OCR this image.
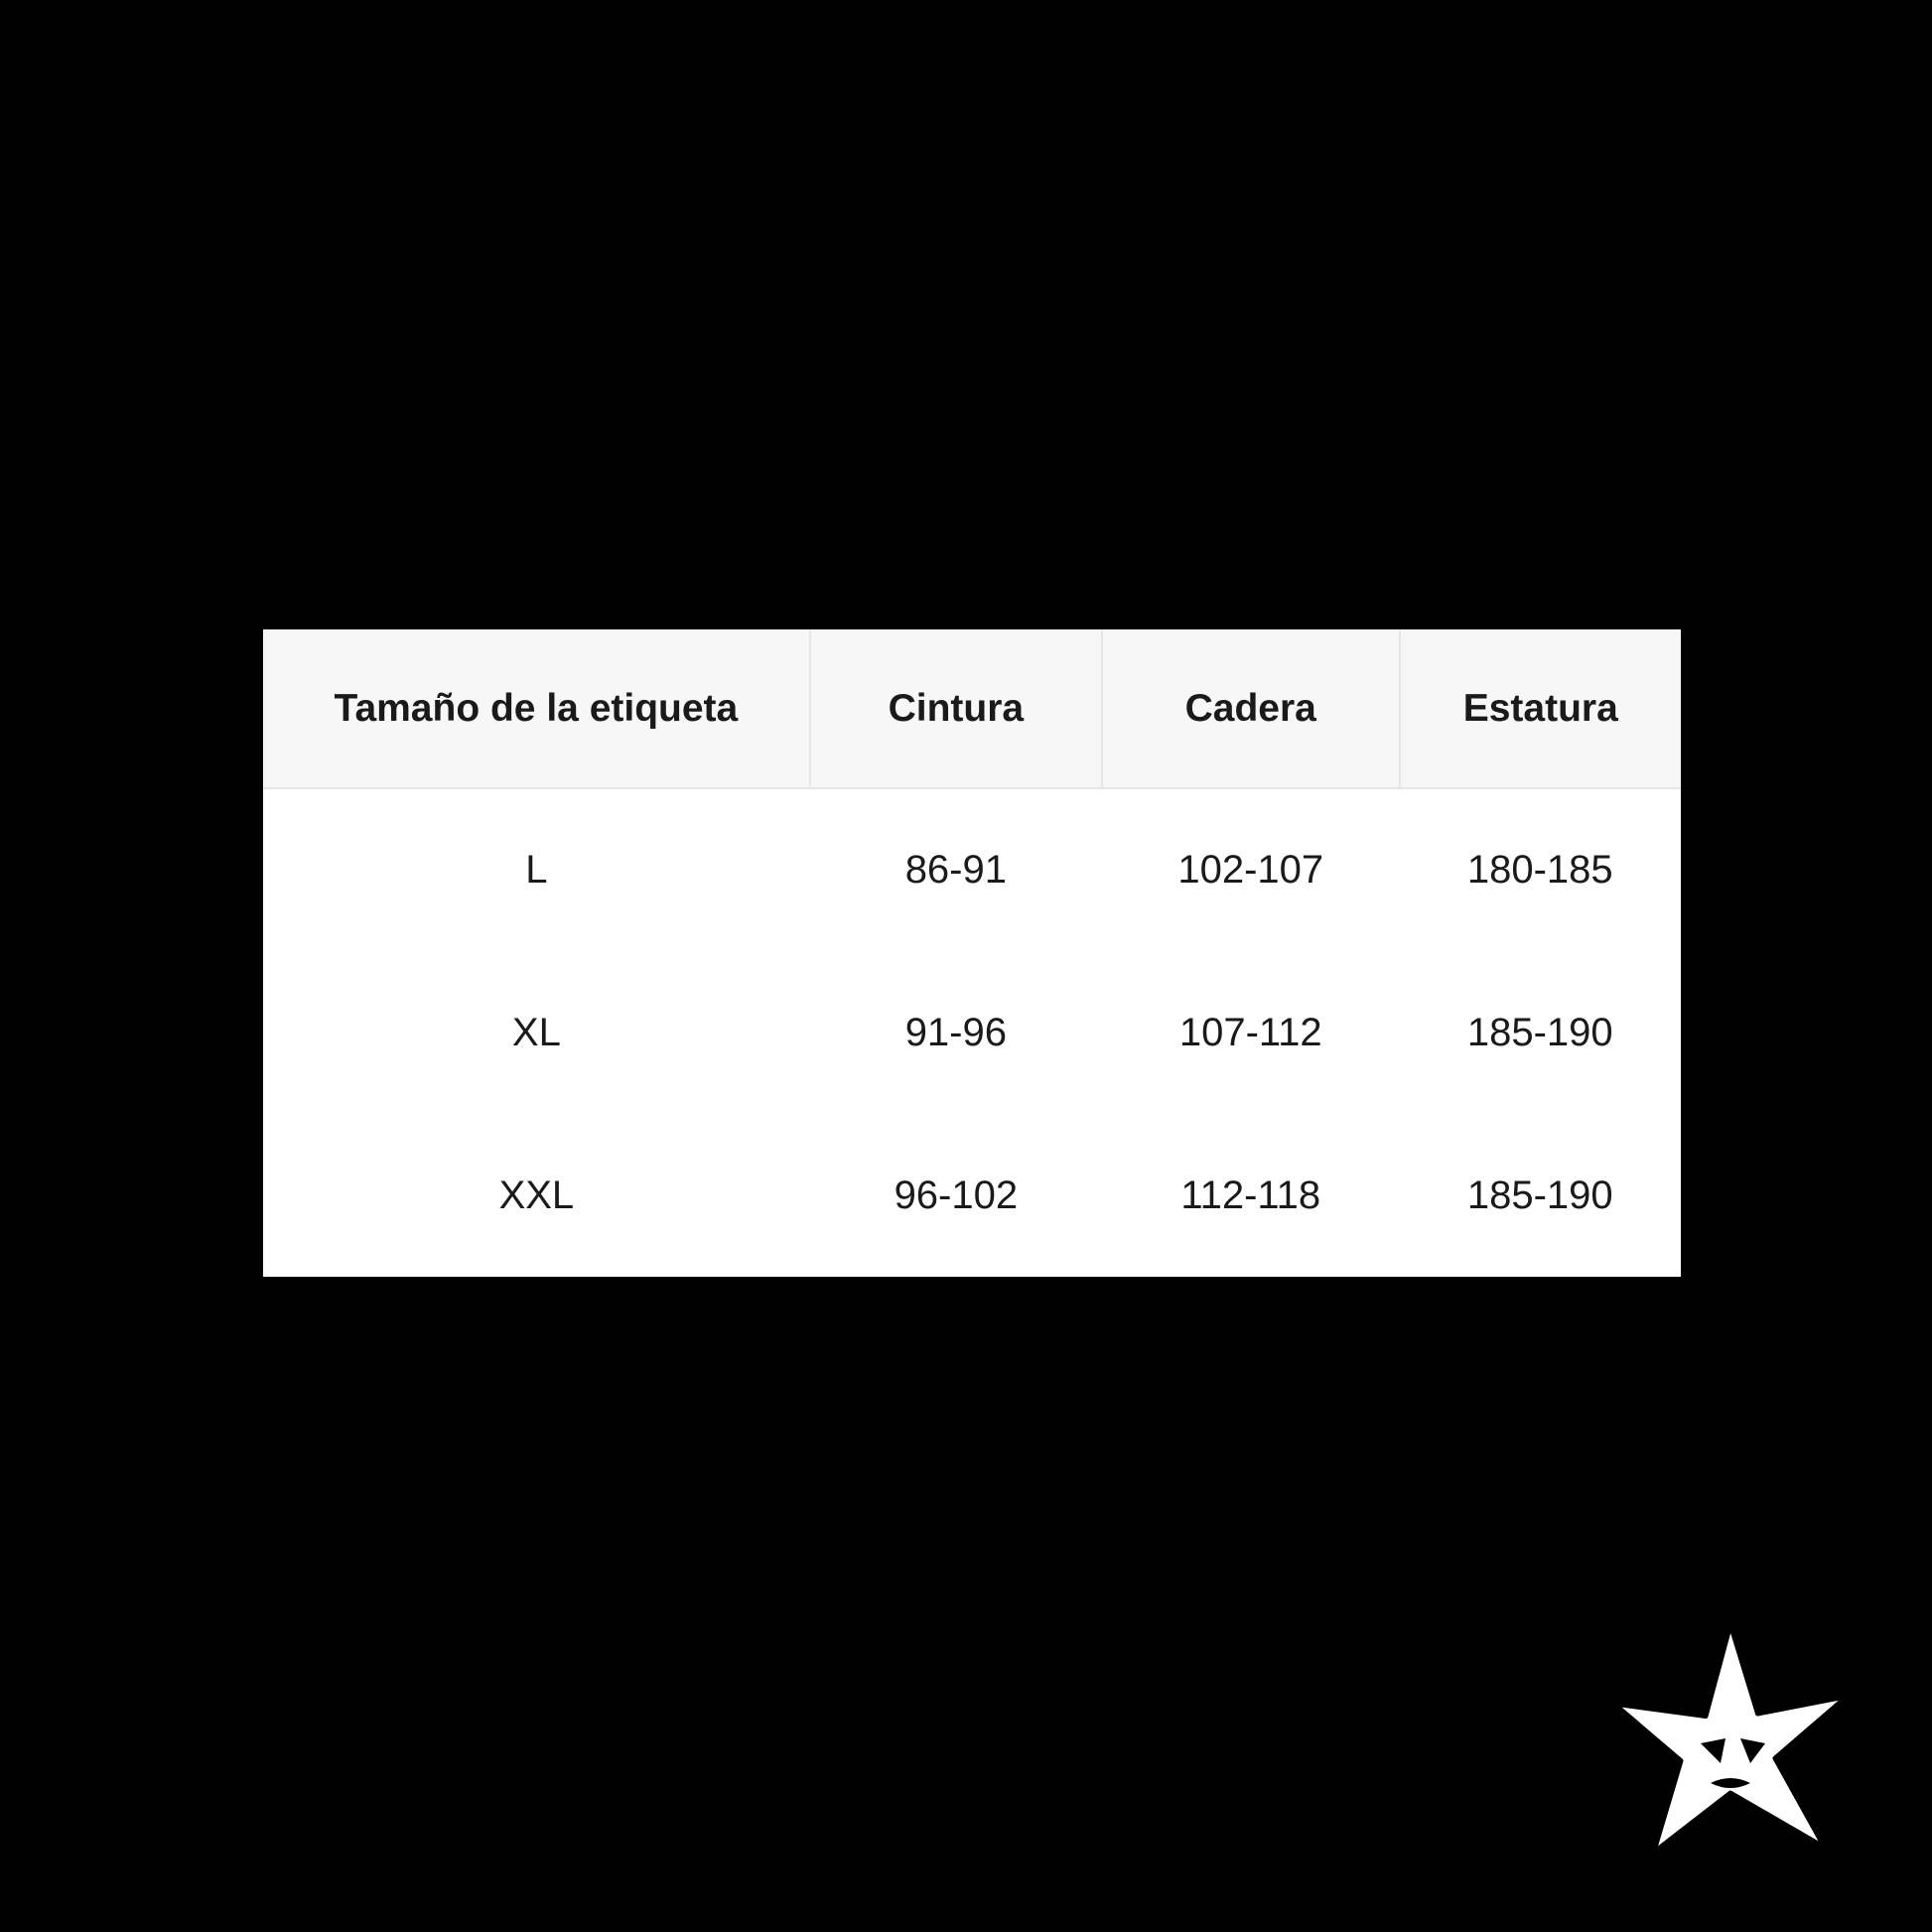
Tamaño de la etiqueta	Cintura	Cadera	Estatura
L	86-91	102-107	180-185
XL	91-96	107-112	185-190
XXL	96-102	112-118	185-190
